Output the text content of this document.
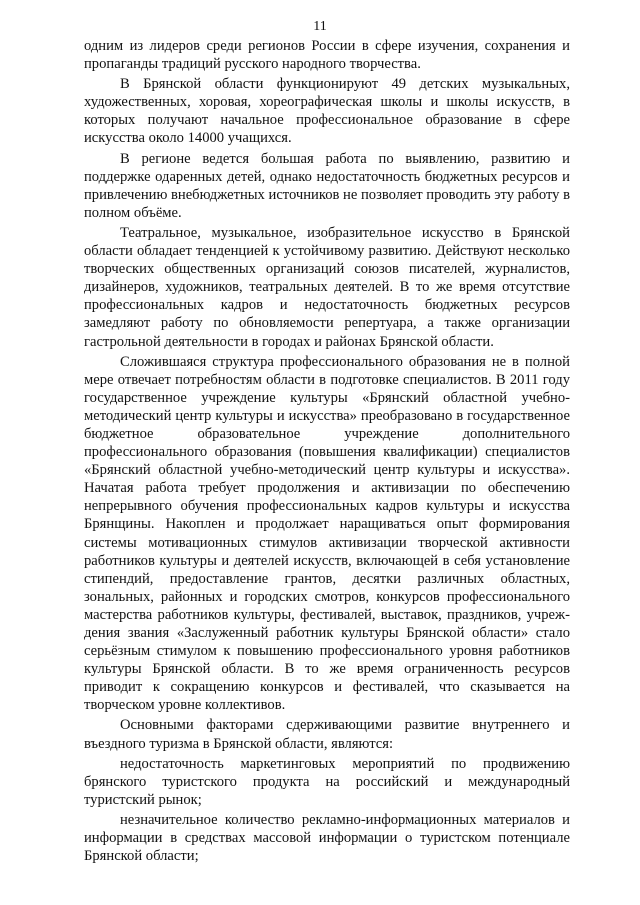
11

одним из лидеров среди регионов России в сфере изучения, сохранения и пропаганды традиций русского народного творчества.

В Брянской области функционируют 49 детских музыкальных, художественных, хоровая, хореографическая школы и школы искусств, в которых получают начальное профессиональное образование в сфере искусства около 14000 учащихся.

В регионе ведется большая работа по выявлению, развитию и поддержке одаренных детей, однако недостаточность бюджетных ресурсов и привлечению внебюджетных источников не позволяет проводить эту работу в полном объёме.

Театральное, музыкальное, изобразительное искусство в Брянской области обладает тенденцией к устойчивому развитию. Действуют несколько творческих общественных организаций союзов писателей, журналистов, дизайнеров, художников, театральных деятелей. В то же время отсутствие профессиональных кадров и недостаточность бюджетных ресурсов замедляют работу по обновляемости репертуара, а также организации гастрольной деятельности в городах и районах Брянской области.

Сложившаяся структура профессионального образования не в полной мере отвечает потребностям области в подготовке специалистов. В 2011 году государственное учреждение культуры «Брянский областной учебно-методический центр культуры и искусства» преобразовано в государственное бюджетное образовательное учреждение дополнительного профессионального образования (повышения квалификации) специалистов «Брянский областной учебно-методический центр культуры и искусства». Начатая работа требует продолжения и активизации по обеспечению непрерывного обучения профессиональных кадров культуры и искусства Брянщины. Накоплен и продолжает наращиваться опыт формирования системы мотивационных стимулов активизации творческой активности работников культуры и деятелей искусств, включающей в себя установление стипендий, предоставление грантов, десятки различных областных, зональных, районных и городских смотров, конкурсов профессионального мастерства работников культуры, фестивалей, выставок, праздников, учреждения звания «Заслуженный работник культуры Брянской области» стало серьёзным стимулом к повышению профессионального уровня работников культуры Брянской области. В то же время ограниченность ресурсов приводит к сокращению конкурсов и фестивалей, что сказывается на творческом уровне коллективов.

Основными факторами сдерживающими развитие внутреннего и въездного туризма в Брянской области, являются:

недостаточность маркетинговых мероприятий по продвижению брянского туристского продукта на российский и международный туристский рынок;

незначительное количество рекламно-информационных материалов и информации в средствах массовой информации о туристском потенциале Брянской области;
